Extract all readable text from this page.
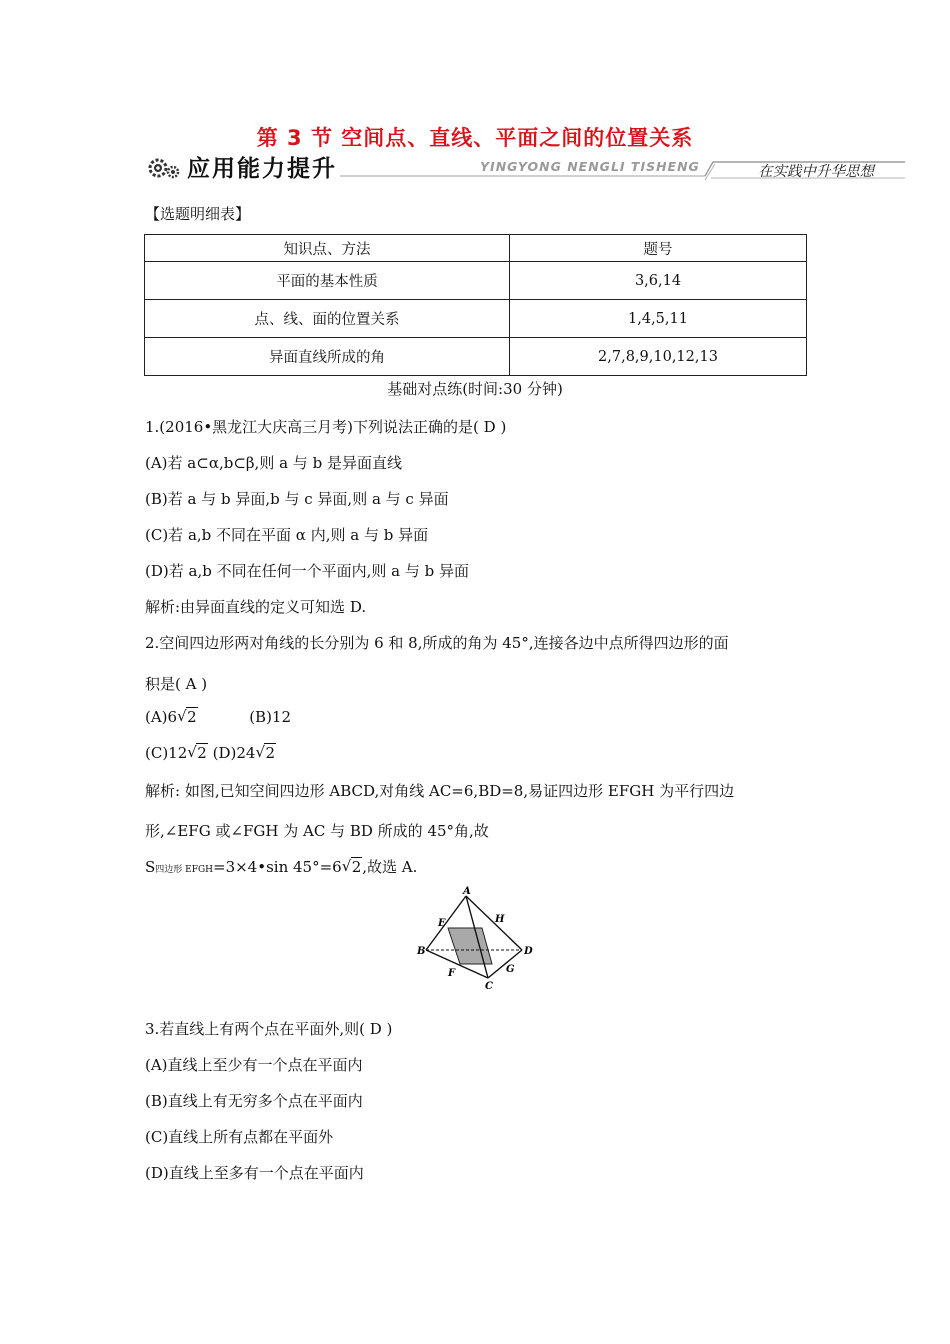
第 3 节 空间点、直线、平面之间的位置关系
应用能力提升	YINGYONG NENGLI TISHENG	在实践中升华思想
【选题明细表】
知识点、方法	题号
平面的基本性质	3,6,14
点、线、面的位置关系	1,4,5,11
异面直线所成的角	2,7,8,9,10,12,13
基础对点练(时间:30 分钟)
1.(2016•黑龙江大庆高三月考)下列说法正确的是( D )
(A)若 a⊂α,b⊂β,则 a 与 b 是异面直线
(B)若 a 与 b 异面,b 与 c 异面,则 a 与 c 异面
(C)若 a,b 不同在平面 α 内,则 a 与 b 异面
(D)若 a,b 不同在任何一个平面内,则 a 与 b 异面
解析:由异面直线的定义可知选 D.
2.空间四边形两对角线的长分别为 6 和 8,所成的角为 45°,连接各边中点所得四边形的面
积是( A )
(A)6 √ 2	(B)12
(C)12 √ 2 (D)24 √ 2
解析: 如图,已知空间四边形 ABCD,对角线 AC=6,BD=8,易证四边形 EFGH 为平行四边
形,∠EFG 或∠FGH 为 AC 与 BD 所成的 45°角,故
S四边形 EFGH=3×4•sin 45°=6 √ 2,故选 A.
A
B
C
D
E
F	G
H
3.若直线上有两个点在平面外,则( D )
(A)直线上至少有一个点在平面内
(B)直线上有无穷多个点在平面内
(C)直线上所有点都在平面外
(D)直线上至多有一个点在平面内
